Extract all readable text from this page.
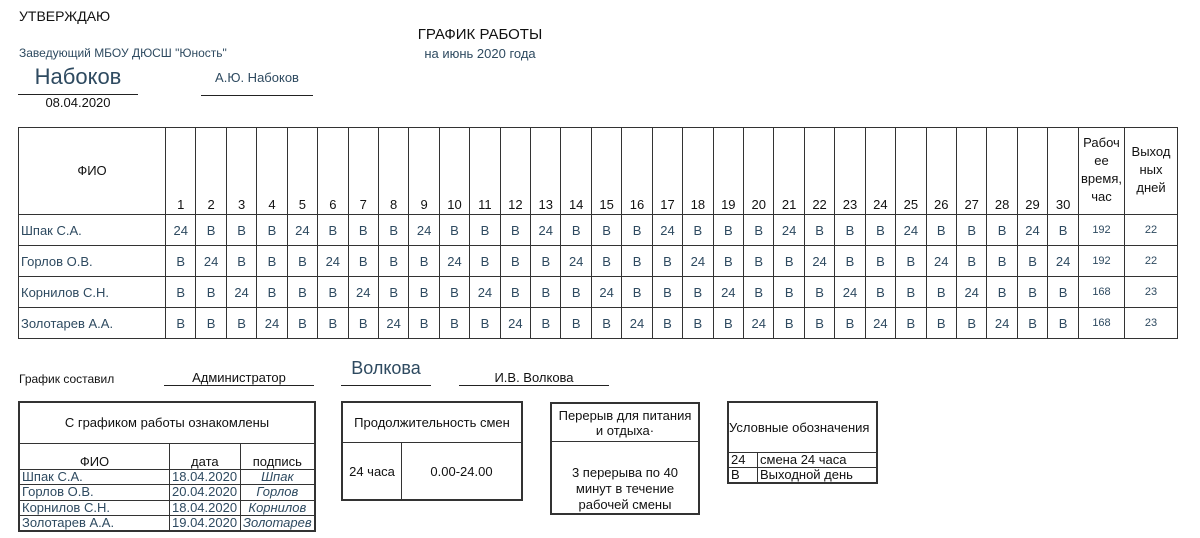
УТВЕРЖДАЮ
Заведующий МБОУ ДЮСШ "Юность"
Набоков
08.04.2020
А.Ю. Набоков
ГРАФИК РАБОТЫ
на июнь 2020 года
ФИО	1	2	3	4	5	6	7	8	9	10	11	12	13	14	15	16	17	18	19	20	21	22	23	24	25	26	27	28	29	30	Рабоч ее время, час	Выход ных дней
Шпак С.А.	24	В	В	В	24	В	В	В	24	В	В	В	24	В	В	В	24	В	В	В	24	В	В	В	24	В	В	В	24	В	192	22
Горлов О.В.	В	24	В	В	В	24	В	В	В	24	В	В	В	24	В	В	В	24	В	В	В	24	В	В	В	24	В	В	В	24	192	22
Корнилов С.Н.	В	В	24	В	В	В	24	В	В	В	24	В	В	В	24	В	В	В	24	В	В	В	24	В	В	В	24	В	В	В	168	23
Золотарев А.А.	В	В	В	24	В	В	В	24	В	В	В	24	В	В	В	24	В	В	В	24	В	В	В	24	В	В	В	24	В	В	168	23
График составил	Администратор	Волкова	И.В. Волкова
С графиком работы ознакомлены		
ФИО	дата	подпись
Шпак С.А.	18.04.2020	Шпак
Горлов О.В.	20.04.2020	Горлов
Корнилов С.Н.	18.04.2020	Корнилов
Золотарев А.А.	19.04.2020	Золотарев
Продолжительность смен
24 часа	0.00-24.00
Перерыв для питания и отдыха·
3 перерыва по 40 минут в течение рабочей смены
Условные обозначения	
24	смена 24 часа
В	Выходной день
